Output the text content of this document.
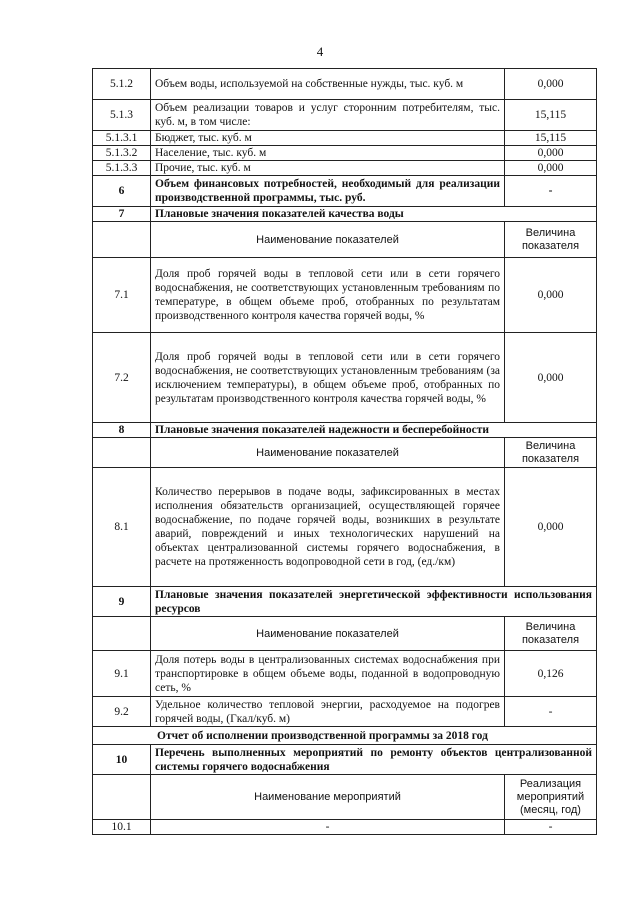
4
5.1.2	Объем воды, используемой на собственные нужды, тыс. куб. м	0,000
5.1.3	Объем реализации товаров и услуг сторонним потребителям, тыс. куб. м, в том числе:	15,115
5.1.3.1	Бюджет, тыс. куб. м	15,115
5.1.3.2	Население, тыс. куб. м	0,000
5.1.3.3	Прочие, тыс. куб. м	0,000
6	Объем финансовых потребностей, необходимый для реализации производственной программы, тыс. руб.	-
7	Плановые значения показателей качества воды	
	Наименование показателей	Величина показателя
7.1	Доля проб горячей воды в тепловой сети или в сети горячего водоснабжения, не соответствующих установленным требованиям по температуре, в общем объеме проб, отобранных по результатам производственного контроля качества горячей воды, %	0,000
7.2	Доля проб горячей воды в тепловой сети или в сети горячего водоснабжения, не соответствующих установленным требованиям (за исключением температуры), в общем объеме проб, отобранных по результатам производственного контроля качества горячей воды, %	0,000
8	Плановые значения показателей надежности и бесперебойности	
	Наименование показателей	Величина показателя
8.1	Количество перерывов в подаче воды, зафиксированных в местах исполнения обязательств организацией, осуществляющей горячее водоснабжение, по подаче горячей воды, возникших в результате аварий, повреждений и иных технологических нарушений на объектах централизованной системы горячего водоснабжения, в расчете на протяженность водопроводной сети в год, (ед./км)	0,000
9	Плановые значения показателей энергетической эффективности использования ресурсов	
	Наименование показателей	Величина показателя
9.1	Доля потерь воды в централизованных системах водоснабжения при транспортировке в общем объеме воды, поданной в водопроводную сеть, %	0,126
9.2	Удельное количество тепловой энергии, расходуемое на подогрев горячей воды, (Гкал/куб. м)	-
Отчет об исполнении производственной программы за 2018 год		
10	Перечень выполненных мероприятий по ремонту объектов централизованной системы горячего водоснабжения	
	Наименование мероприятий	Реализация мероприятий (месяц, год)
10.1	-	-
